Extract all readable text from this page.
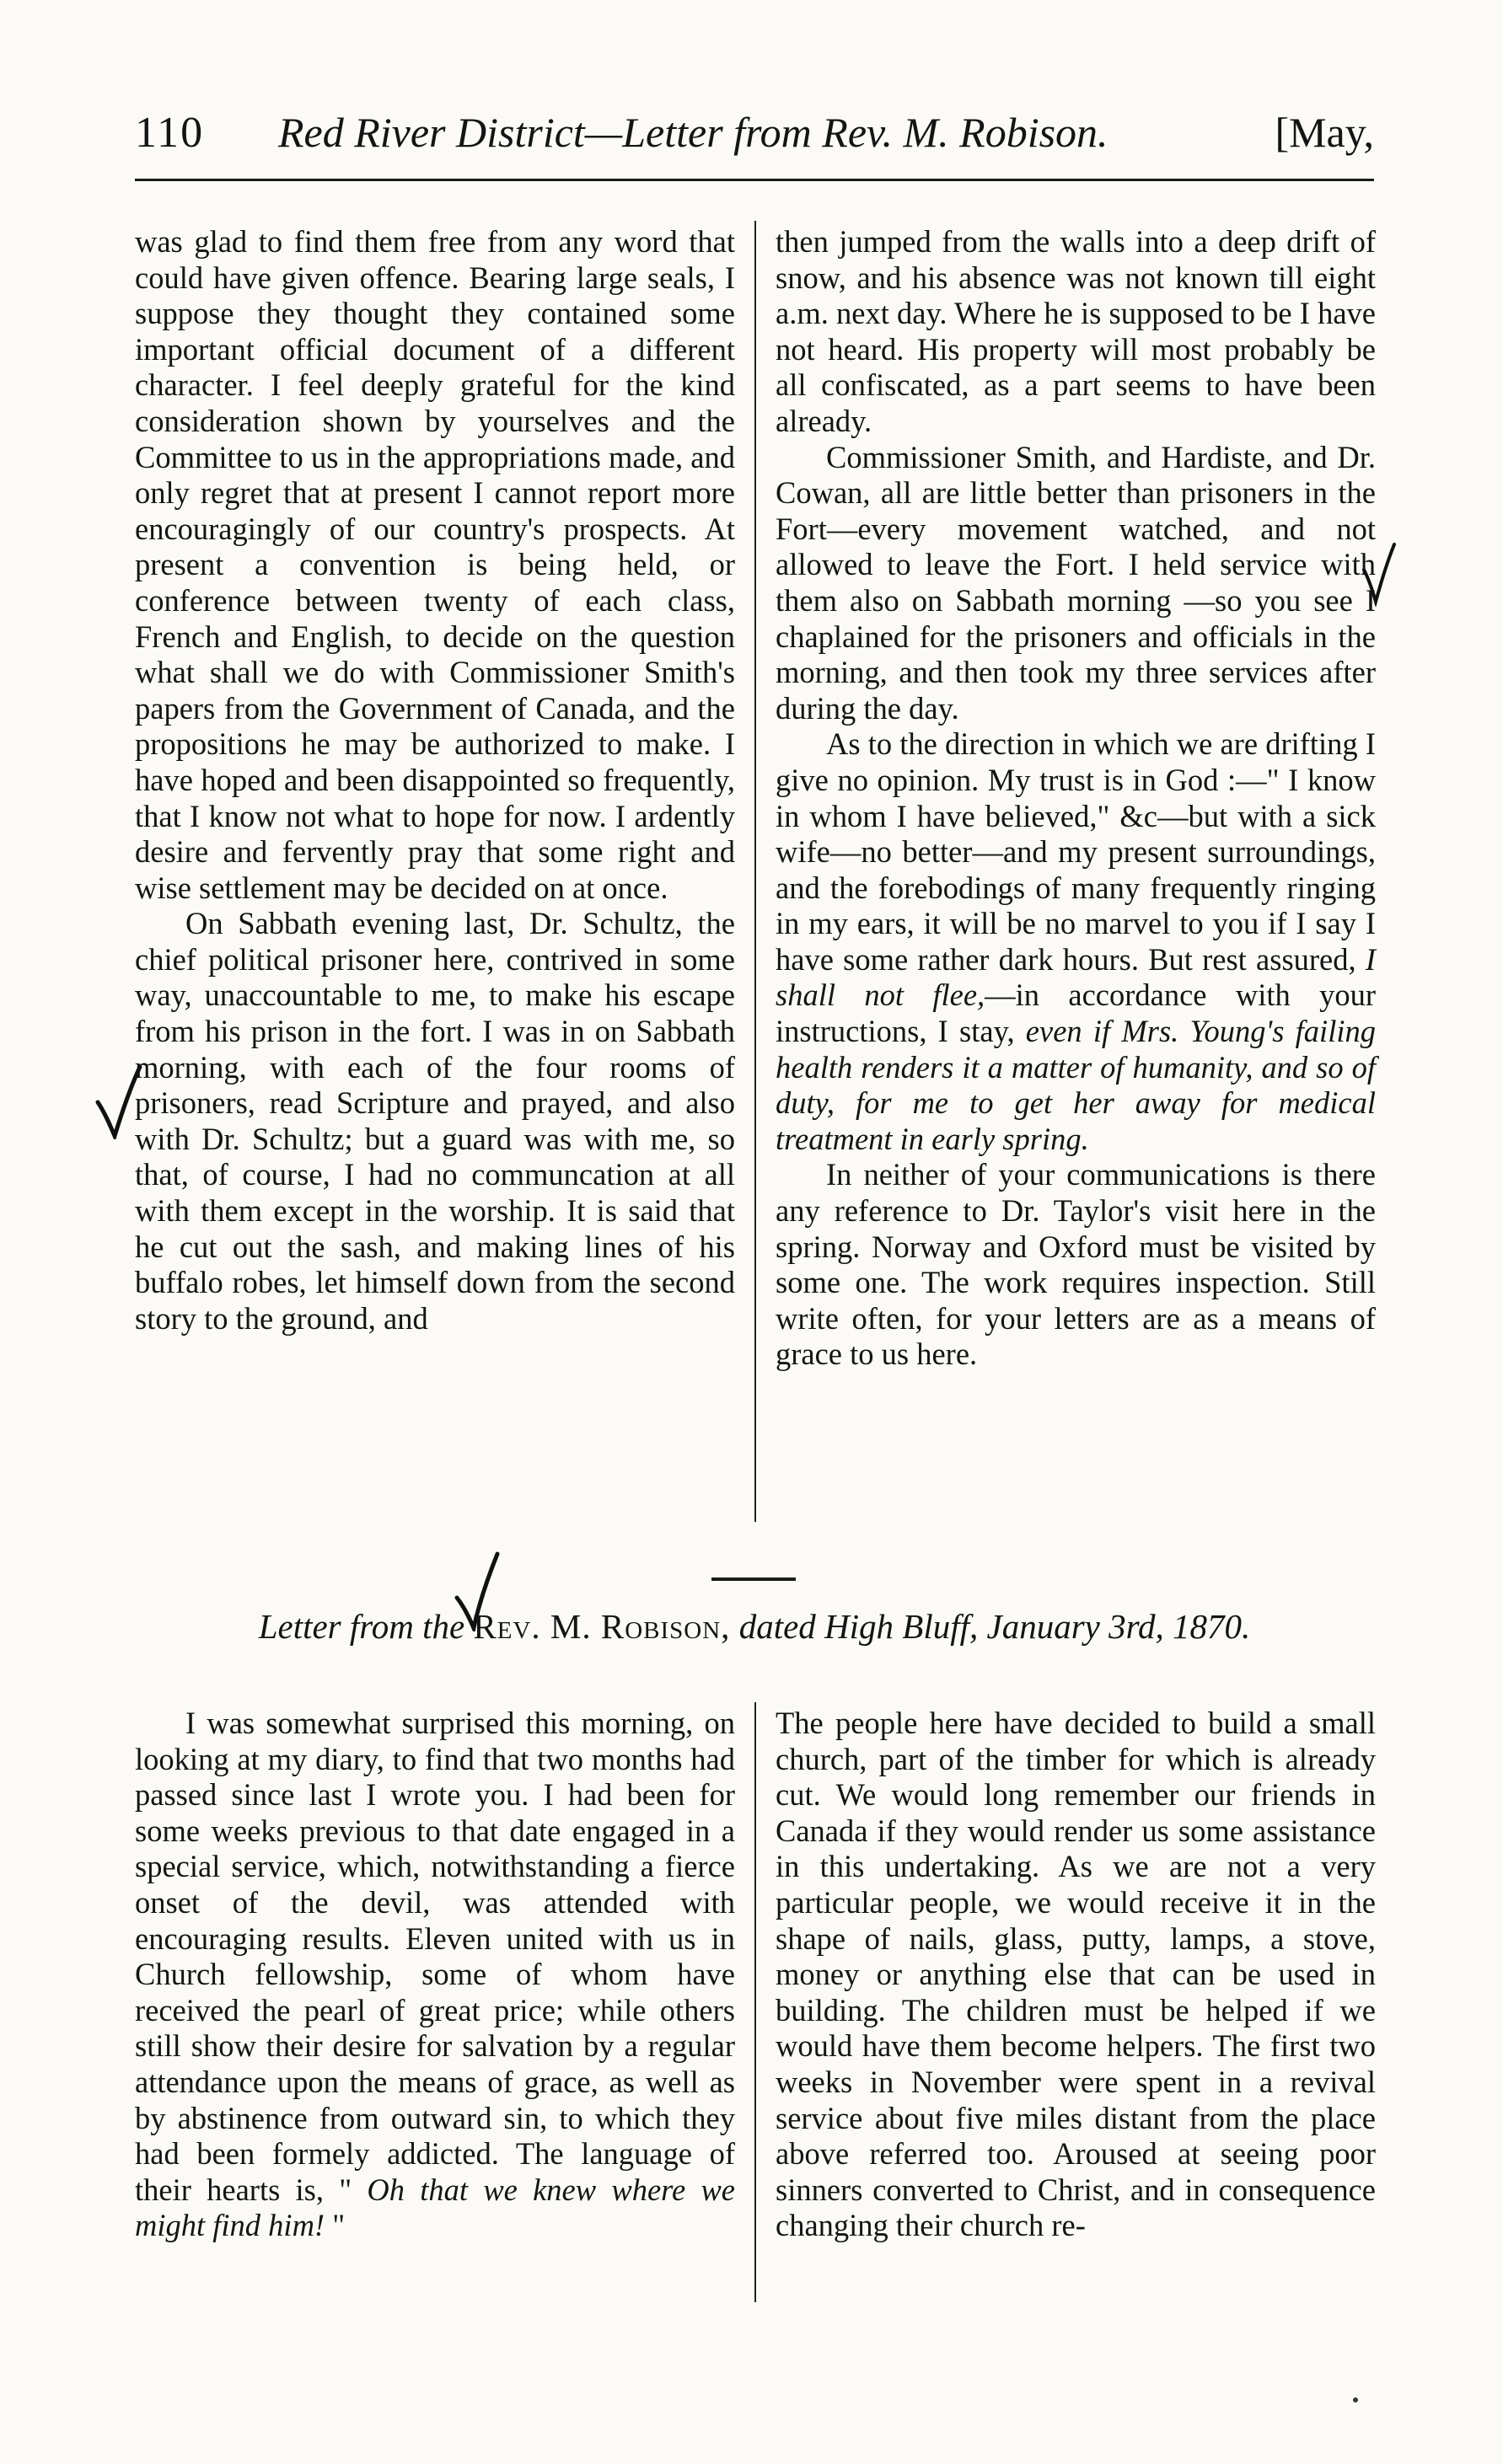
110 Red River District—Letter from Rev. M. Robison.	[May,

was glad to find them free from any word that could have given offence. Bearing large seals, I suppose they thought they contained some important official document of a different character. I feel deeply grateful for the kind consideration shown by yourselves and the Committee to us in the appropriations made, and only regret that at present I cannot report more encouragingly of our country's prospects. At present a convention is being held, or conference between twenty of each class, French and English, to decide on the question what shall we do with Commissioner Smith's papers from the Government of Canada, and the propositions he may be authorized to make. I have hoped and been disappointed so frequently, that I know not what to hope for now. I ardently desire and fervently pray that some right and wise settlement may be decided on at once.

On Sabbath evening last, Dr. Schultz, the chief political prisoner here, contrived in some way, unaccountable to me, to make his escape from his prison in the fort. I was in on Sabbath morning, with each of the four rooms of prisoners, read Scripture and prayed, and also with Dr. Schultz; but a guard was with me, so that, of course, I had no communcation at all with them except in the worship. It is said that he cut out the sash, and making lines of his buffalo robes, let himself down from the second story to the ground, and

then jumped from the walls into a deep drift of snow, and his absence was not known till eight a.m. next day. Where he is supposed to be I have not heard. His property will most probably be all confiscated, as a part seems to have been already.

Commissioner Smith, and Hardiste, and Dr. Cowan, all are little better than prisoners in the Fort—every movement watched, and not allowed to leave the Fort. I held service with them also on Sabbath morning —so you see I chaplained for the prisoners and officials in the morning, and then took my three services after during the day.

As to the direction in which we are drifting I give no opinion. My trust is in God :—" I know in whom I have believed," &c—but with a sick wife—no better—and my present surroundings, and the forebodings of many frequently ringing in my ears, it will be no marvel to you if I say I have some rather dark hours. But rest assured, I shall not flee,—in accordance with your instructions, I stay, even if Mrs. Young's failing health renders it a matter of humanity, and so of duty, for me to get her away for medical treatment in early spring.

In neither of your communications is there any reference to Dr. Taylor's visit here in the spring. Norway and Oxford must be visited by some one. The work requires inspection. Still write often, for your letters are as a means of grace to us here.

Letter from the Rev. M. Robison, dated High Bluff, January 3rd, 1870.

I was somewhat surprised this morning, on looking at my diary, to find that two months had passed since last I wrote you. I had been for some weeks previous to that date engaged in a special service, which, notwithstanding a fierce onset of the devil, was attended with encouraging results. Eleven united with us in Church fellowship, some of whom have received the pearl of great price; while others still show their desire for salvation by a regular attendance upon the means of grace, as well as by abstinence from outward sin, to which they had been formely addicted. The language of their hearts is, " Oh that we knew where we might find him! "

The people here have decided to build a small church, part of the timber for which is already cut. We would long remember our friends in Canada if they would render us some assistance in this undertaking. As we are not a very particular people, we would receive it in the shape of nails, glass, putty, lamps, a stove, money or anything else that can be used in building. The children must be helped if we would have them become helpers. The first two weeks in November were spent in a revival service about five miles distant from the place above referred too. Aroused at seeing poor sinners converted to Christ, and in consequence changing their church re-
